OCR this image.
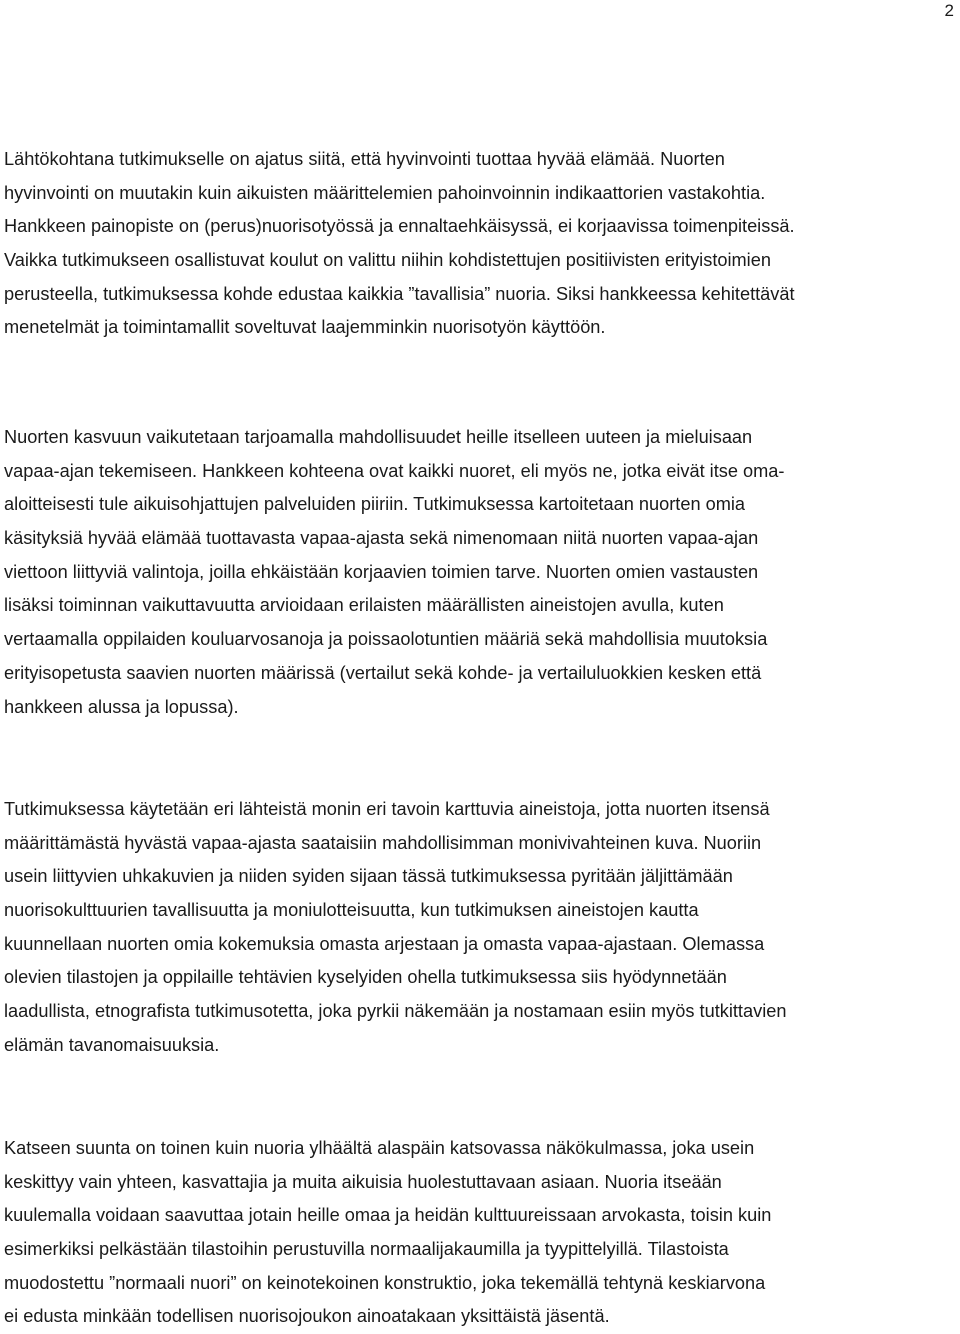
2
Lähtökohtana tutkimukselle on ajatus siitä, että hyvinvointi tuottaa hyvää elämää. Nuorten
hyvinvointi on muutakin kuin aikuisten määrittelemien pahoinvoinnin indikaattorien vastakohtia.
Hankkeen painopiste on (perus)nuorisotyössä ja ennaltaehkäisyssä, ei korjaavissa toimenpiteissä.
Vaikka tutkimukseen osallistuvat koulut on valittu niihin kohdistettujen positiivisten erityistoimien
perusteella, tutkimuksessa kohde edustaa kaikkia ”tavallisia” nuoria. Siksi hankkeessa kehitettävät
menetelmät ja toimintamallit soveltuvat laajemminkin nuorisotyön käyttöön.
Nuorten kasvuun vaikutetaan tarjoamalla mahdollisuudet heille itselleen uuteen ja mieluisaan
vapaa-ajan tekemiseen. Hankkeen kohteena ovat kaikki nuoret, eli myös ne, jotka eivät itse oma-
aloitteisesti tule aikuisohjattujen palveluiden piiriin. Tutkimuksessa kartoitetaan nuorten omia
käsityksiä hyvää elämää tuottavasta vapaa-ajasta sekä nimenomaan niitä nuorten vapaa-ajan
viettoon liittyviä valintoja, joilla ehkäistään korjaavien toimien tarve. Nuorten omien vastausten
lisäksi toiminnan vaikuttavuutta arvioidaan erilaisten määrällisten aineistojen avulla, kuten
vertaamalla oppilaiden kouluarvosanoja ja poissaolotuntien määriä sekä mahdollisia muutoksia
erityisopetusta saavien nuorten määrissä (vertailut sekä kohde- ja vertailuluokkien kesken että
hankkeen alussa ja lopussa).
Tutkimuksessa käytetään eri lähteistä monin eri tavoin karttuvia aineistoja, jotta nuorten itsensä
määrittämästä hyvästä vapaa-ajasta saataisiin mahdollisimman monivivahteinen kuva. Nuoriin
usein liittyvien uhkakuvien ja niiden syiden sijaan tässä tutkimuksessa pyritään jäljittämään
nuorisokulttuurien tavallisuutta ja moniulotteisuutta, kun tutkimuksen aineistojen kautta
kuunnellaan nuorten omia kokemuksia omasta arjestaan ja omasta vapaa-ajastaan. Olemassa
olevien tilastojen ja oppilaille tehtävien kyselyiden ohella tutkimuksessa siis hyödynnetään
laadullista, etnografista tutkimusotetta, joka pyrkii näkemään ja nostamaan esiin myös tutkittavien
elämän tavanomaisuuksia.
Katseen suunta on toinen kuin nuoria ylhäältä alaspäin katsovassa näkökulmassa, joka usein
keskittyy vain yhteen, kasvattajia ja muita aikuisia huolestuttavaan asiaan. Nuoria itseään
kuulemalla voidaan saavuttaa jotain heille omaa ja heidän kulttuureissaan arvokasta, toisin kuin
esimerkiksi pelkästään tilastoihin perustuvilla normaalijakaumilla ja tyypittelyillä. Tilastoista
muodostettu ”normaali nuori” on keinotekoinen konstruktio, joka tekemällä tehtynä keskiarvona
ei edusta minkään todellisen nuorisojoukon ainoatakaan yksittäistä jäsentä.
